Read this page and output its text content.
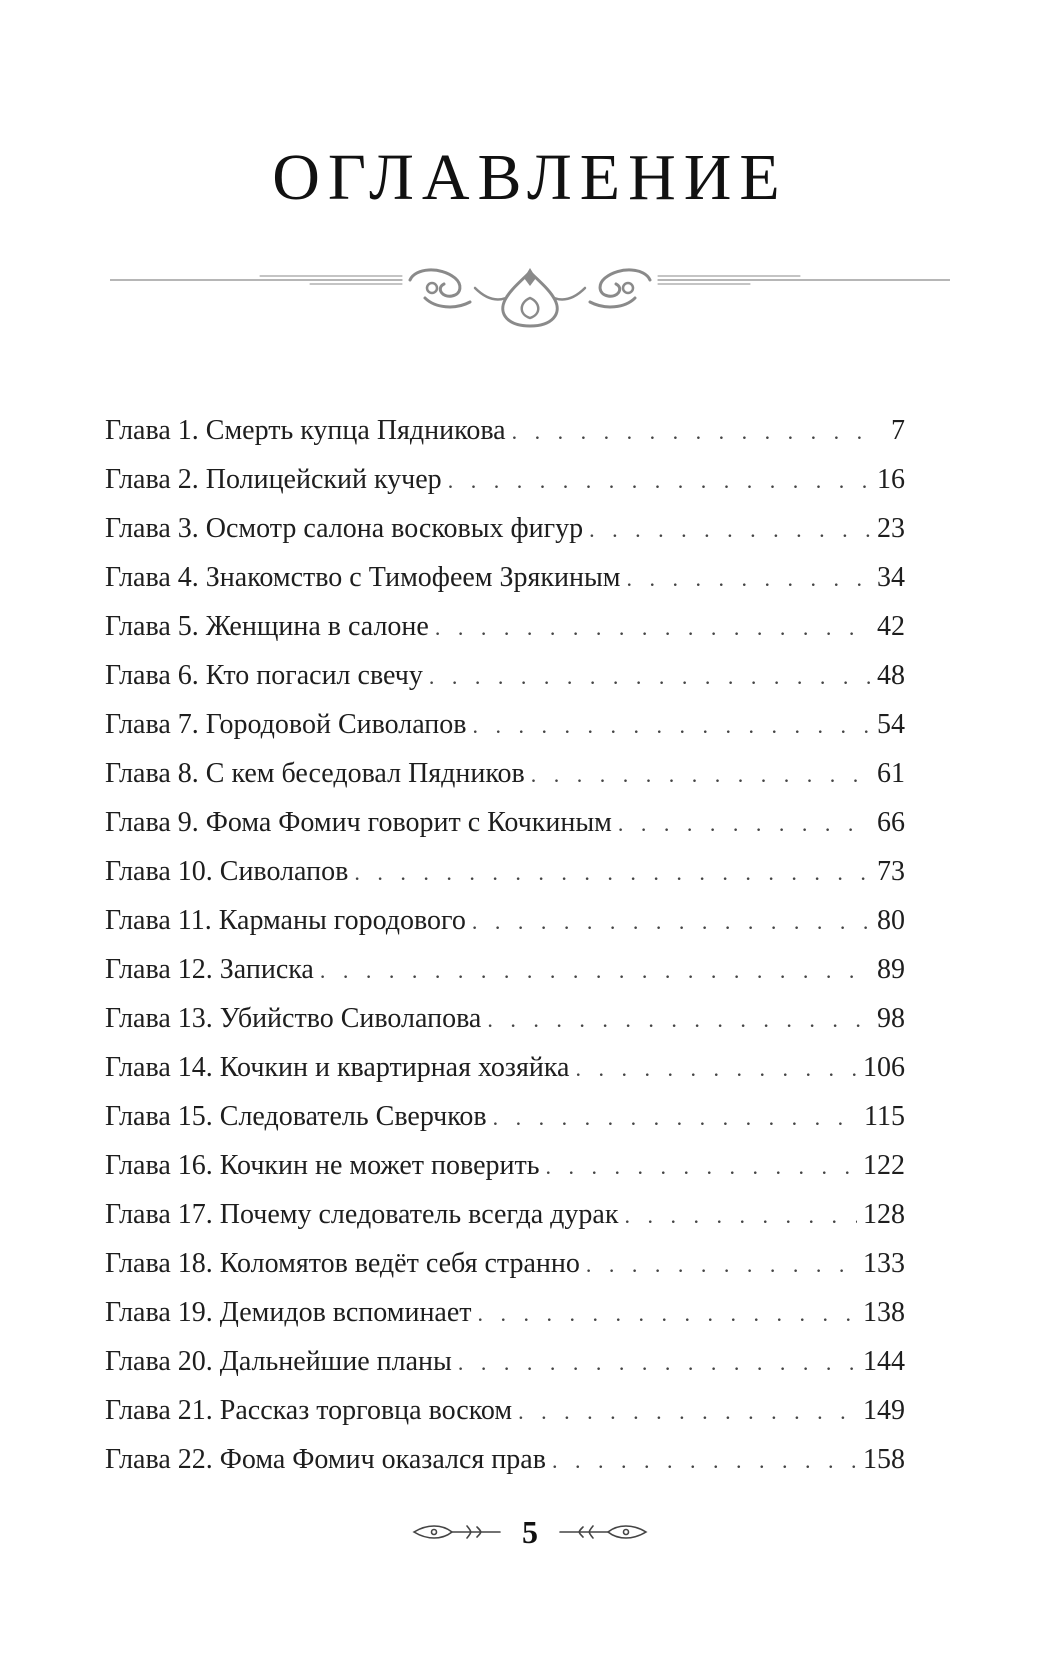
ОГЛАВЛЕНИЕ
Глава 1. Смерть купца Пядникова . . .	7
Глава 2. Полицейский кучер . . .	16
Глава 3. Осмотр салона восковых фигур . . .	23
Глава 4. Знакомство с Тимофеем Зрякиным . . .	34
Глава 5. Женщина в салоне . . .	42
Глава 6. Кто погасил свечу . . .	48
Глава 7. Городовой Сиволапов . . .	54
Глава 8. С кем беседовал Пядников . . .	61
Глава 9. Фома Фомич говорит с Кочкиным . . .	66
Глава 10. Сиволапов . . .	73
Глава 11. Карманы городового . . .	80
Глава 12. Записка . . .	89
Глава 13. Убийство Сиволапова . . .	98
Глава 14. Кочкин и квартирная хозяйка . . .	106
Глава 15. Следователь Сверчков . . .	115
Глава 16. Кочкин не может поверить . . .	122
Глава 17. Почему следователь всегда дурак . . .	128
Глава 18. Коломятов ведёт себя странно . . .	133
Глава 19. Демидов вспоминает . . .	138
Глава 20. Дальнейшие планы . . .	144
Глава 21. Рассказ торговца воском . . .	149
Глава 22. Фома Фомич оказался прав . . .	158
5
